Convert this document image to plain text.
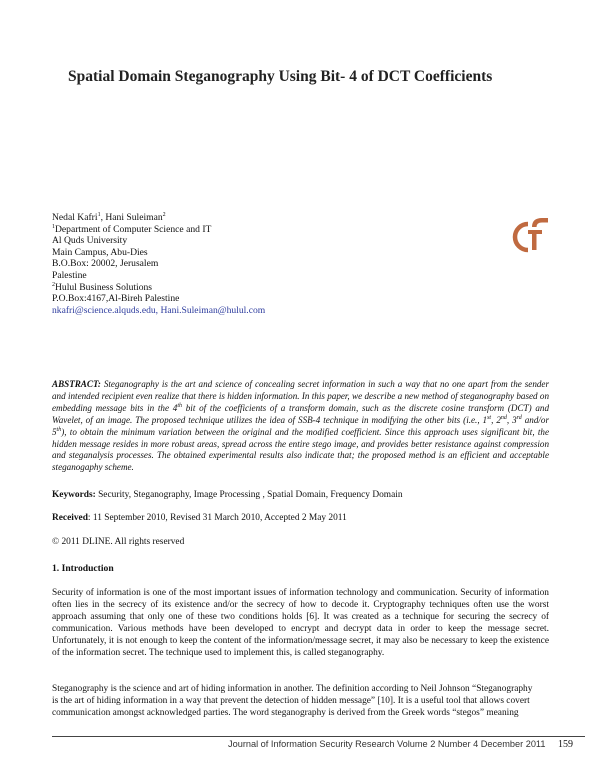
Spatial Domain Steganography Using Bit- 4 of DCT Coefficients
Nedal Kafri$^1$, Hani Suleiman$^2$
$^1$Department of Computer Science and IT
Al Quds University
Main Campus, Abu-Dies
B.O.Box: 20002, Jerusalem
Palestine
$^2$Hulul Business Solutions
P.O.Box:4167,Al-Bireh Palestine
nkafri@science.alquds.edu, Hani.Suleiman@hulul.com
ABSTRACT: Steganography is the art and science of concealing secret information in such a way that no one apart from the sender and intended recipient even realize that there is hidden information. In this paper, we describe a new method of steganography based on embedding message bits in the 4th bit of the coefficients of a transform domain, such as the discrete cosine transform (DCT) and Wavelet, of an image. The proposed technique utilizes the idea of SSB-4 technique in modifying the other bits (i.e., 1st, 2nd, 3rd and/or 5th), to obtain the minimum variation between the original and the modified coefficient. Since this approach uses significant bit, the hidden message resides in more robust areas, spread across the entire stego image, and provides better resistance against compression and steganalysis processes. The obtained experimental results also indicate that; the proposed method is an efficient and acceptable steganogaphy scheme.
Keywords: Security, Steganography, Image Processing , Spatial Domain, Frequency Domain
Received: 11 September 2010, Revised 31 March 2010, Accepted 2 May 2011
© 2011 DLINE. All rights reserved
1. Introduction
Security of information is one of the most important issues of information technology and communication. Security of information often lies in the secrecy of its existence and/or the secrecy of how to decode it. Cryptography techniques often use the worst approach assuming that only one of these two conditions holds [6]. It was created as a technique for securing the secrecy of communication. Various methods have been developed to encrypt and decrypt data in order to keep the message secret. Unfortunately, it is not enough to keep the content of the information/message secret, it may also be necessary to keep the existence of the information secret. The technique used to implement this, is called steganography.
Steganography is the science and art of hiding information in another. The definition according to Neil Johnson “Steganography
is the art of hiding information in a way that prevent the detection of hidden message” [10]. It is a useful tool that allows covert
communication amongst acknowledged parties. The word steganography is derived from the Greek words “stegos” meaning
Journal of Information Security Research Volume 2 Number 4 December 2011 159
